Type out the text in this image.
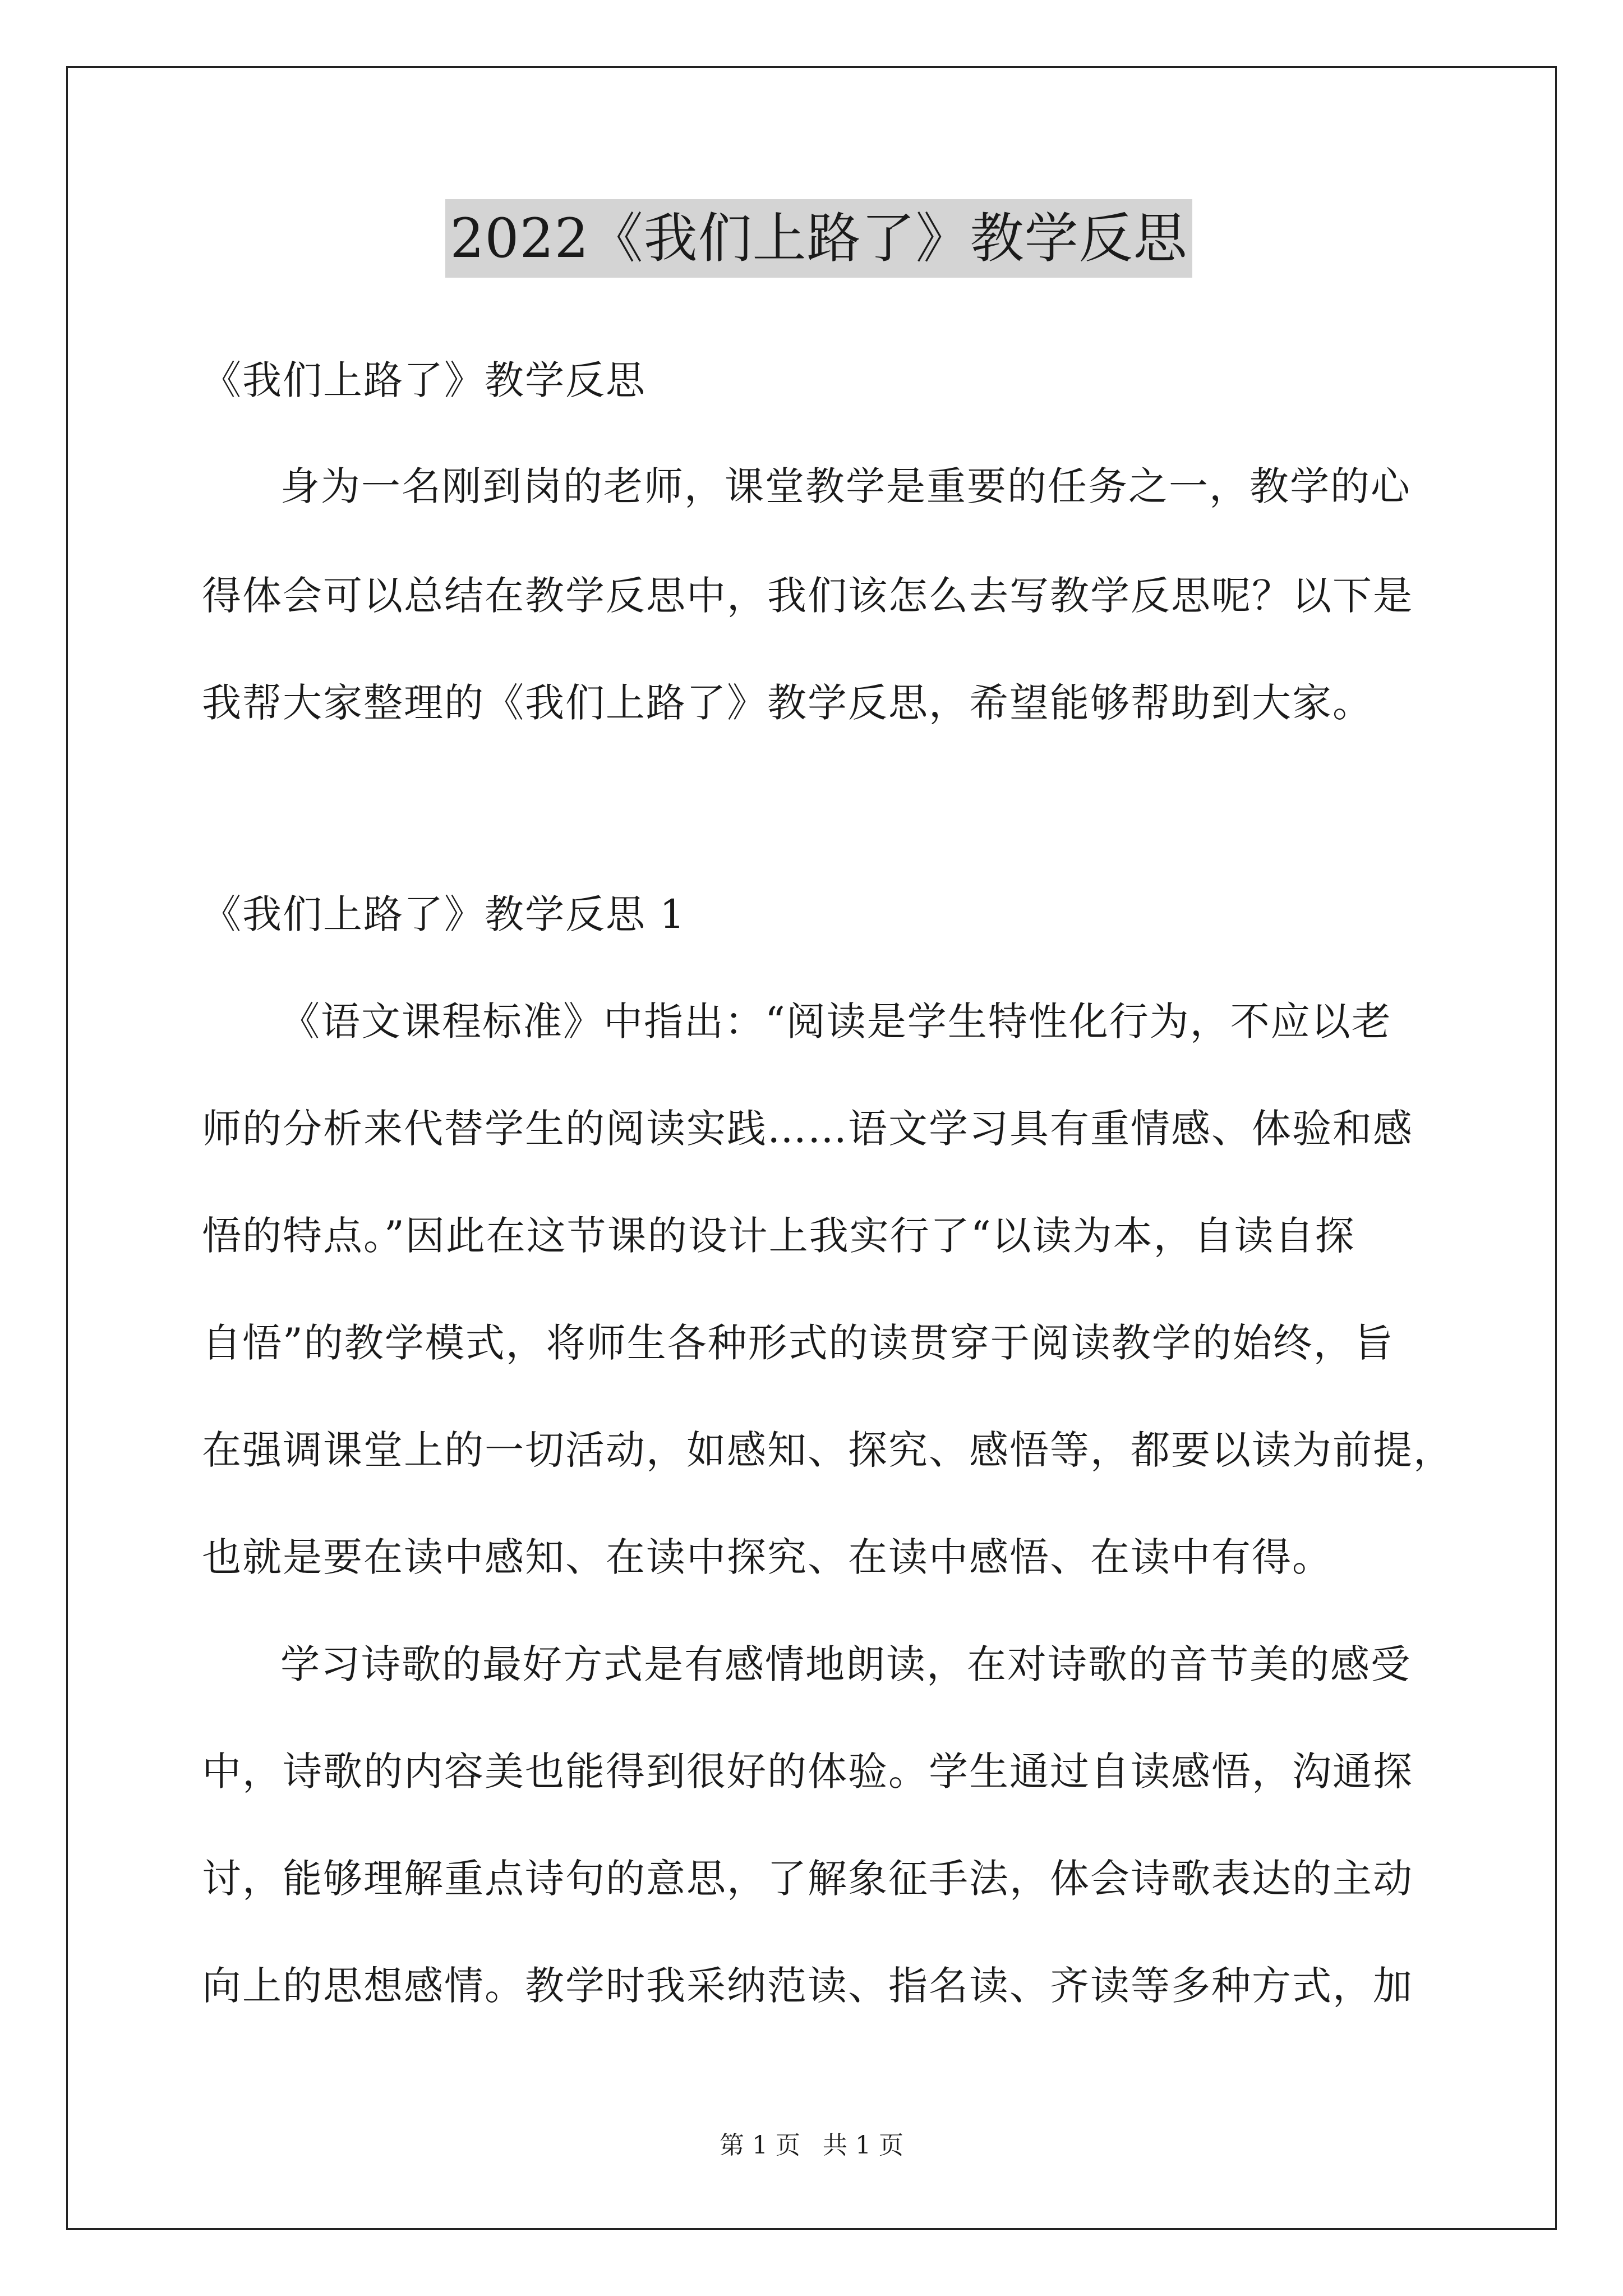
2022《我们上路了》教学反思
《我们上路了》教学反思
身为一名刚到岗的老师，课堂教学是重要的任务之一，教学的心
得体会可以总结在教学反思中，我们该怎么去写教学反思呢？以下是
我帮大家整理的《我们上路了》教学反思，希望能够帮助到大家。
《我们上路了》教学反思 1
《语文课程标准》中指出：“阅读是学生特性化行为，不应以老
师的分析来代替学生的阅读实践……语文学习具有重情感、体验和感
悟的特点。”因此在这节课的设计上我实行了“以读为本，自读自探
自悟”的教学模式，将师生各种形式的读贯穿于阅读教学的始终，旨
在强调课堂上的一切活动，如感知、探究、感悟等，都要以读为前提，
也就是要在读中感知、在读中探究、在读中感悟、在读中有得。
学习诗歌的最好方式是有感情地朗读，在对诗歌的音节美的感受
中，诗歌的内容美也能得到很好的体验。学生通过自读感悟，沟通探
讨，能够理解重点诗句的意思，了解象征手法，体会诗歌表达的主动
向上的思想感情。教学时我采纳范读、指名读、齐读等多种方式，加
第 1 页 共 1 页
